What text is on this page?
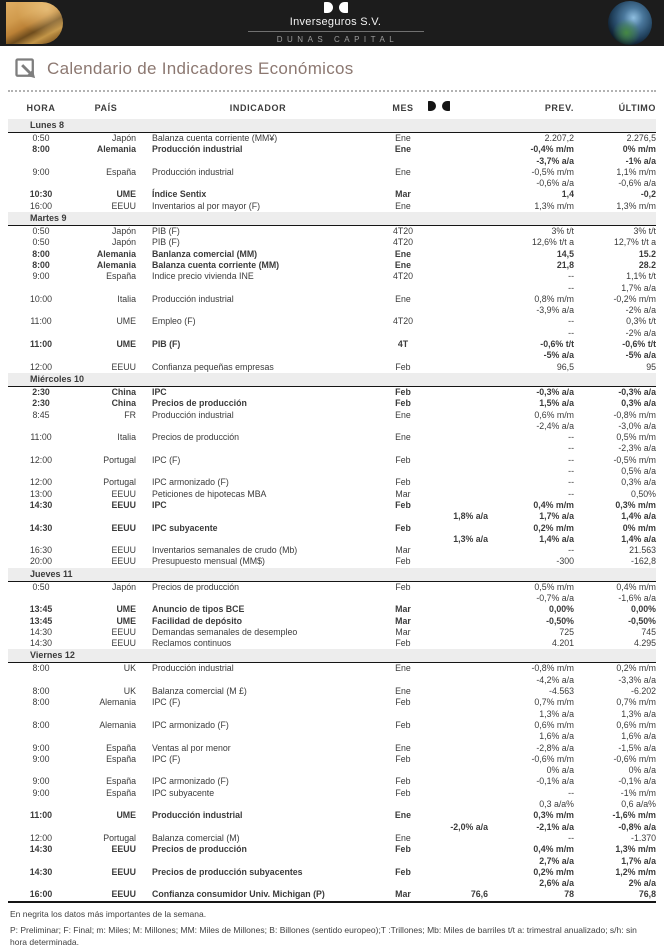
Inverseguros S.V.
DUNAS CAPITAL
Calendario de Indicadores Económicos
HORA	PAÍS	INDICADOR	MES		PREV.	ÚLTIMO
Lunes 8						
0:50	Japón	Balanza cuenta corriente (MM¥)	Ene		2.207,2	2.276,5
8:00	Alemania	Producción industrial	Ene		-0,4% m/m	0% m/m
					-3,7% a/a	-1% a/a
9:00	España	Producción industrial	Ene		-0,5% m/m	1,1% m/m
					-0,6% a/a	-0,6% a/a
10:30	UME	Índice Sentix	Mar		1,4	-0,2
16:00	EEUU	Inventarios al por mayor (F)	Ene		1,3% m/m	1,3% m/m
Martes 9						
0:50	Japón	PIB (F)	4T20		3% t/t	3% t/t
0:50	Japón	PIB (F)	4T20		12,6% t/t a	12,7% t/t a
8:00	Alemania	Banlanza comercial (MM)	Ene		14,5	15.2
8:00	Alemania	Balanza cuenta corriente (MM)	Ene		21,8	28.2
9:00	España	Indice precio vivienda INE	4T20		--	1,1% t/t
					--	1,7% a/a
10:00	Italia	Producción industrial	Ene		0,8% m/m	-0,2% m/m
					-3,9% a/a	-2% a/a
11:00	UME	Empleo (F)	4T20		--	0,3% t/t
					--	-2% a/a
11:00	UME	PIB (F)	4T		-0,6% t/t	-0,6% t/t
					-5% a/a	-5% a/a
12:00	EEUU	Confianza pequeñas empresas	Feb		96,5	95
Miércoles 10						
2:30	China	IPC	Feb		-0,3% a/a	-0,3% a/a
2:30	China	Precios de producción	Feb		1,5% a/a	0,3% a/a
8:45	FR	Producción industrial	Ene		0,6% m/m	-0,8% m/m
					-2,4% a/a	-3,0% a/a
11:00	Italia	Precios de producción	Ene		--	0,5% m/m
					--	-2,3% a/a
12:00	Portugal	IPC (F)	Feb		--	-0,5% m/m
					--	0,5% a/a
12:00	Portugal	IPC armonizado (F)	Feb		--	0,3% a/a
13:00	EEUU	Peticiones de hipotecas MBA	Mar		--	0,50%
14:30	EEUU	IPC	Feb		0,4% m/m	0,3% m/m
				1,8% a/a	1,7% a/a	1,4% a/a
14:30	EEUU	IPC subyacente	Feb		0,2% m/m	0% m/m
				1,3% a/a	1,4% a/a	1,4% a/a
16:30	EEUU	Inventarios semanales de crudo (Mb)	Mar		--	21.563
20:00	EEUU	Presupuesto mensual (MM$)	Feb		-300	-162,8
Jueves 11						
0:50	Japón	Precios de producción	Feb		0,5% m/m	0,4% m/m
					-0,7% a/a	-1,6% a/a
13:45	UME	Anuncio de tipos BCE	Mar		0,00%	0,00%
13:45	UME	Facilidad de depósito	Mar		-0,50%	-0,50%
14:30	EEUU	Demandas semanales de desempleo	Mar		725	745
14:30	EEUU	Reclamos continuos	Feb		4.201	4.295
Viernes 12						
8:00	UK	Producción industrial	Ene		-0,8% m/m	0,2% m/m
					-4,2% a/a	-3,3% a/a
8:00	UK	Balanza comercial (M £)	Ene		-4.563	-6.202
8:00	Alemania	IPC (F)	Feb		0,7% m/m	0,7% m/m
					1,3% a/a	1,3% a/a
8:00	Alemania	IPC armonizado (F)	Feb		0,6% m/m	0,6% m/m
					1,6% a/a	1,6% a/a
9:00	España	Ventas al por menor	Ene		-2,8% a/a	-1,5% a/a
9:00	España	IPC (F)	Feb		-0,6% m/m	-0,6% m/m
					0% a/a	0% a/a
9:00	España	IPC armonizado (F)	Feb		-0,1% a/a	-0,1% a/a
9:00	España	IPC subyacente	Feb		--	-1% m/m
					0,3 a/a%	0,6 a/a%
11:00	UME	Producción industrial	Ene		0,3% m/m	-1,6% m/m
				-2,0% a/a	-2,1% a/a	-0,8% a/a
12:00	Portugal	Balanza comercial (M)	Ene		--	-1.370
14:30	EEUU	Precios de producción	Feb		0,4% m/m	1,3% m/m
					2,7% a/a	1,7% a/a
14:30	EEUU	Precios de producción subyacentes	Feb		0,2% m/m	1,2% m/m
					2,6% a/a	2% a/a
16:00	EEUU	Confianza consumidor Univ. Michigan (P)	Mar	76,6	78	76,8

En negrita los datos más importantes de la semana.

P: Preliminar; F: Final; m: Miles; M: Millones; MM: Miles de Millones; B: Billones (sentido europeo);T :Trillones; Mb: Miles de barriles t/t a: trimestral anualizado; s/h: sin hora determinada.
